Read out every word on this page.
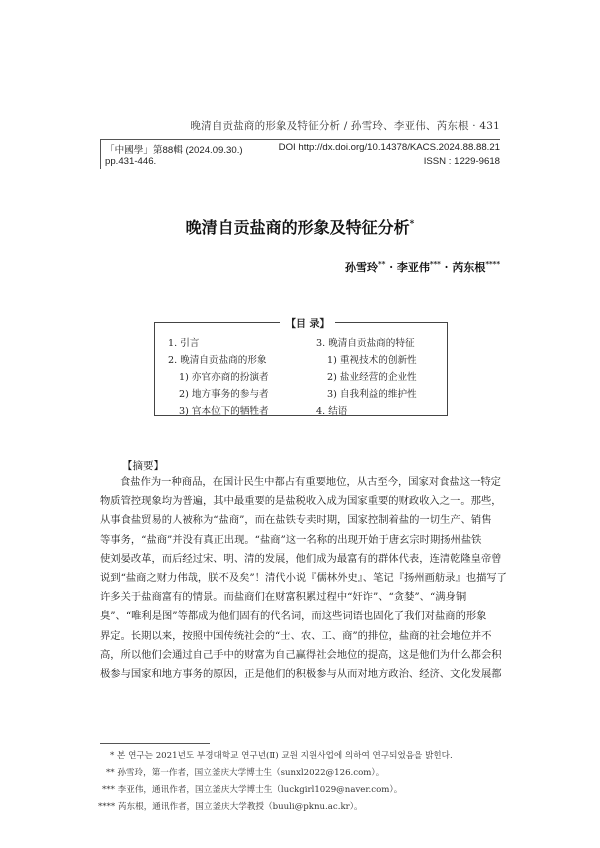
晚清自贡盐商的形象及特征分析 / 孙雪玲、李亚伟、芮东根 · 431
「中國學」第88輯 (2024.09.30.)	DOI http://dx.doi.org/10.14378/KACS.2024.88.88.21
pp.431-446.	ISSN : 1229-9618
晚清自贡盐商的形象及特征分析*
孙雪玲** · 李亚伟*** · 芮东根****
【目 录】
1. 引言
2. 晚清自贡盐商的形象
1) 亦官亦商的扮演者
2) 地方事务的参与者
3) 官本位下的牺牲者
3. 晚清自贡盐商的特征
1) 重视技术的创新性
2) 盐业经营的企业性
3) 自我利益的维护性
4. 结语
【摘要】
食盐作为一种商品，在国计民生中都占有重要地位，从古至今，国家对食盐这一特定
物质管控现象均为普遍，其中最重要的是盐税收入成为国家重要的财政收入之一。那些，
从事食盐贸易的人被称为“盐商”，而在盐铁专卖时期，国家控制着盐的一切生产、销售
等事务，“盐商”并没有真正出现。“盐商”这一名称的出现开始于唐玄宗时期扬州盐铁
使刘晏改革，而后经过宋、明、清的发展，他们成为最富有的群体代表，连清乾隆皇帝曾
说到“盐商之财力伟哉，朕不及矣”！清代小说『儒林外史』、笔记『扬州画舫录』也描写了
许多关于盐商富有的情景。而盐商们在财富积累过程中“奸诈”、“贪婪”、“满身铜
臭”、“唯利是图”等都成为他们固有的代名词，而这些词语也固化了我们对盐商的形象
界定。长期以来，按照中国传统社会的“士、农、工、商”的排位，盐商的社会地位并不
高，所以他们会通过自己手中的财富为自己赢得社会地位的提高，这是他们为什么都会积
极参与国家和地方事务的原因，正是他们的积极参与从而对地方政治、经济、文化发展都
* 본 연구는 2021년도 부경대학교 연구년(Ⅱ) 교원 지원사업에 의하여 연구되었음을 밝힌다.
** 孙雪玲，第一作者，国立釜庆大学博士生（sunxl2022@126.com）。
*** 李亚伟，通讯作者，国立釜庆大学博士生（luckgirl1029@naver.com）。
**** 芮东根，通讯作者，国立釜庆大学教授（buuli@pknu.ac.kr）。
